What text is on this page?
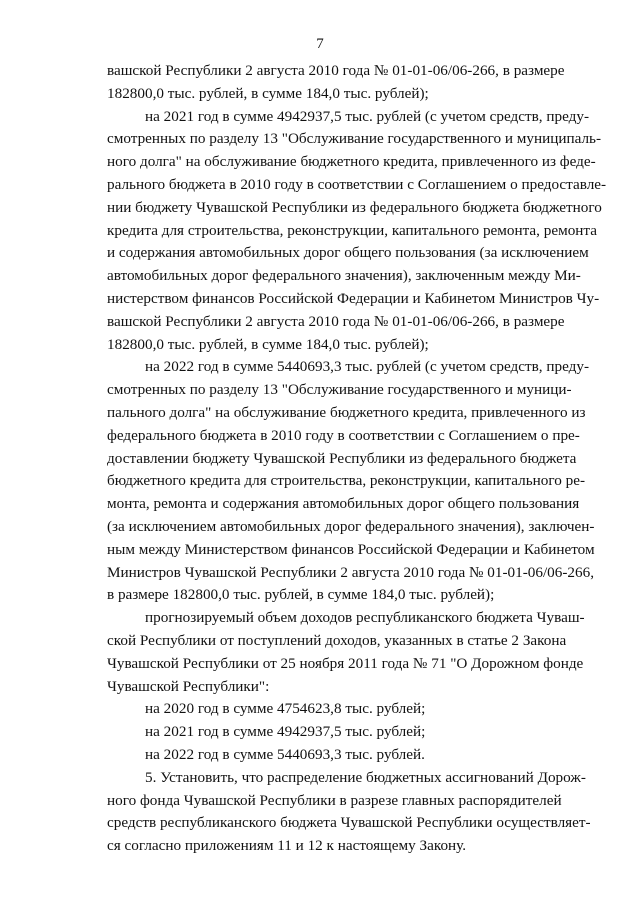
7
вашской Республики 2 августа 2010 года № 01-01-06/06-266, в размере
182800,0 тыс. рублей, в сумме 184,0 тыс. рублей);
на 2021 год в сумме 4942937,5 тыс. рублей (с учетом средств, преду-
смотренных по разделу 13 "Обслуживание государственного и муниципаль-
ного долга" на обслуживание бюджетного кредита, привлеченного из феде-
рального бюджета в 2010 году в соответствии с Соглашением о предоставле-
нии бюджету Чувашской Республики из федерального бюджета бюджетного
кредита для строительства, реконструкции, капитального ремонта, ремонта
и содержания автомобильных дорог общего пользования (за исключением
автомобильных дорог федерального значения), заключенным между Ми-
нистерством финансов Российской Федерации и Кабинетом Министров Чу-
вашской Республики 2 августа 2010 года № 01-01-06/06-266, в размере
182800,0 тыс. рублей, в сумме 184,0 тыс. рублей);
на 2022 год в сумме 5440693,3 тыс. рублей (с учетом средств, преду-
смотренных по разделу 13 "Обслуживание государственного и муници-
пального долга" на обслуживание бюджетного кредита, привлеченного из
федерального бюджета в 2010 году в соответствии с Соглашением о пре-
доставлении бюджету Чувашской Республики из федерального бюджета
бюджетного кредита для строительства, реконструкции, капитального ре-
монта, ремонта и содержания автомобильных дорог общего пользования
(за исключением автомобильных дорог федерального значения), заключен-
ным между Министерством финансов Российской Федерации и Кабинетом
Министров Чувашской Республики 2 августа 2010 года № 01-01-06/06-266,
в размере 182800,0 тыс. рублей, в сумме 184,0 тыс. рублей);
прогнозируемый объем доходов республиканского бюджета Чуваш-
ской Республики от поступлений доходов, указанных в статье 2 Закона
Чувашской Республики от 25 ноября 2011 года № 71 "О Дорожном фонде
Чувашской Республики":
на 2020 год в сумме 4754623,8 тыс. рублей;
на 2021 год в сумме 4942937,5 тыс. рублей;
на 2022 год в сумме 5440693,3 тыс. рублей.
5. Установить, что распределение бюджетных ассигнований Дорож-
ного фонда Чувашской Республики в разрезе главных распорядителей
средств республиканского бюджета Чувашской Республики осуществляет-
ся согласно приложениям 11 и 12 к настоящему Закону.
